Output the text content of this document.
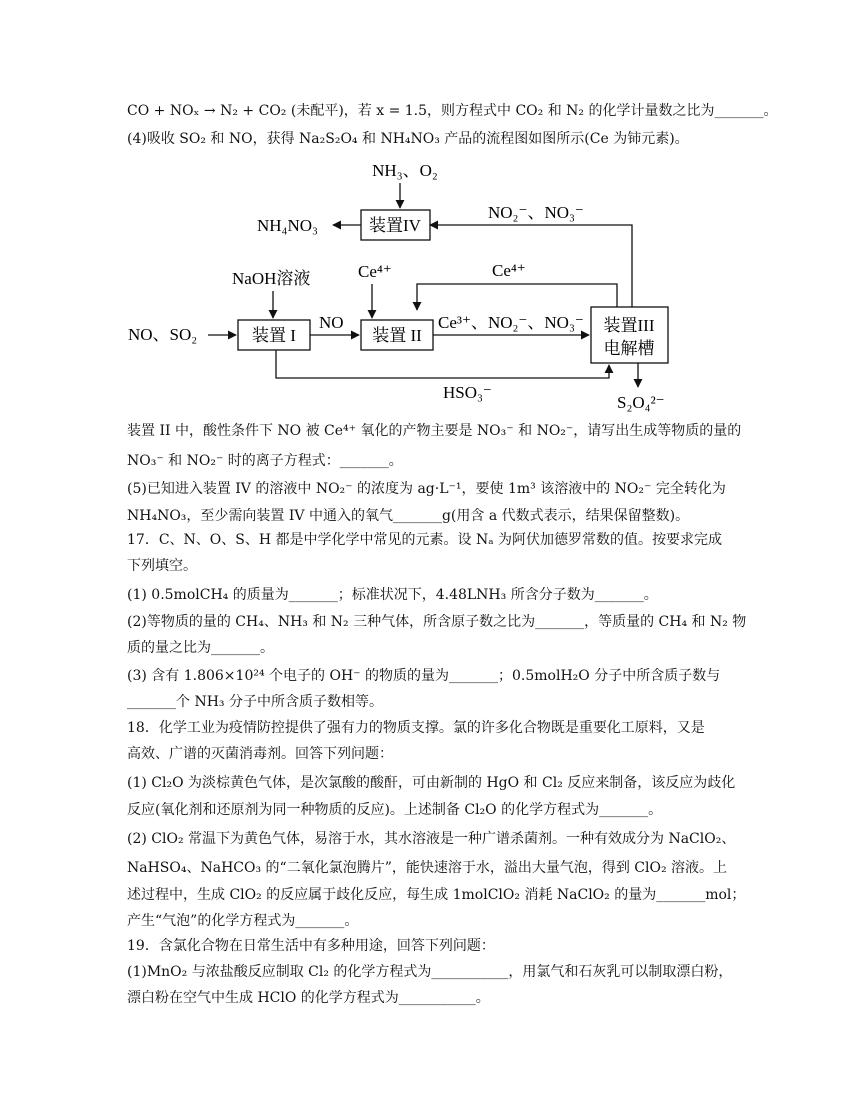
CO + NOₓ → N₂ + CO₂ (未配平)，若 x = 1.5，则方程式中 CO₂ 和 N₂ 的化学计量数之比为_______。
(4)吸收 SO₂ 和 NO，获得 Na₂S₂O₄ 和 NH₄NO₃ 产品的流程图如图所示(Ce 为铈元素)。
NH₃、O₂
装置IV
NH₄NO₃
NO₂⁻、NO₃⁻
Ce⁴⁺
NaOH溶液	Ce⁴⁺
NO、SO₂	装置 I
NO
装置 II
Ce³⁺、NO₂⁻、NO₃⁻ 装置III
电解槽
HSO₃⁻
S₂O₄²⁻
装置 II 中，酸性条件下 NO 被 Ce⁴⁺ 氧化的产物主要是 NO₃⁻ 和 NO₂⁻，请写出生成等物质的量的
NO₃⁻ 和 NO₂⁻ 时的离子方程式：_______。
(5)已知进入装置 IV 的溶液中 NO₂⁻ 的浓度为 ag·L⁻¹，要使 1m³ 该溶液中的 NO₂⁻ 完全转化为
NH₄NO₃，至少需向装置 IV 中通入的氧气_______g(用含 a 代数式表示，结果保留整数)。
17．C、N、O、S、H 都是中学化学中常见的元素。设 Nₐ 为阿伏加德罗常数的值。按要求完成
下列填空。
(1) 0.5molCH₄ 的质量为_______；标准状况下，4.48LNH₃ 所含分子数为_______。
(2)等物质的量的 CH₄、NH₃ 和 N₂ 三种气体，所含原子数之比为_______，等质量的 CH₄ 和 N₂ 物
质的量之比为_______。
(3) 含有 1.806×10²⁴ 个电子的 OH⁻ 的物质的量为_______；0.5molH₂O 分子中所含质子数与
_______个 NH₃ 分子中所含质子数相等。
18．化学工业为疫情防控提供了强有力的物质支撑。氯的许多化合物既是重要化工原料，又是
高效、广谱的灭菌消毒剂。回答下列问题：
(1) Cl₂O 为淡棕黄色气体，是次氯酸的酸酐，可由新制的 HgO 和 Cl₂ 反应来制备，该反应为歧化
反应(氧化剂和还原剂为同一种物质的反应)。上述制备 Cl₂O 的化学方程式为_______。
(2) ClO₂ 常温下为黄色气体，易溶于水，其水溶液是一种广谱杀菌剂。一种有效成分为 NaClO₂、
NaHSO₄、NaHCO₃ 的“二氧化氯泡腾片”，能快速溶于水，溢出大量气泡，得到 ClO₂ 溶液。上
述过程中，生成 ClO₂ 的反应属于歧化反应，每生成 1molClO₂ 消耗 NaClO₂ 的量为_______mol；
产生“气泡”的化学方程式为_______。
19．含氯化合物在日常生活中有多种用途，回答下列问题：
(1)MnO₂ 与浓盐酸反应制取 Cl₂ 的化学方程式为___________，用氯气和石灰乳可以制取漂白粉，
漂白粉在空气中生成 HClO 的化学方程式为___________。
